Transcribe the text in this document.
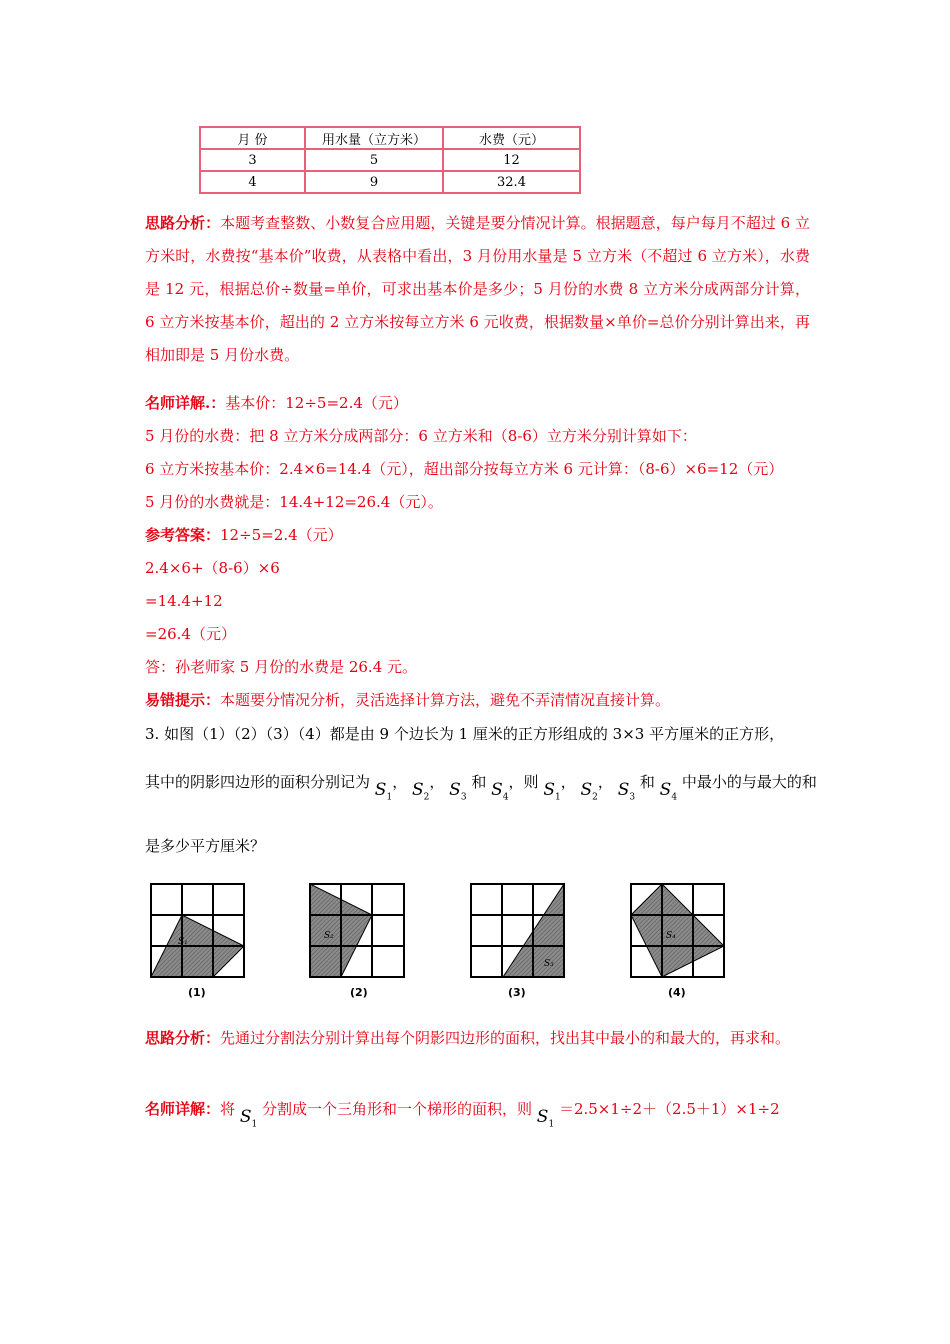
月 份	用水量（立方米）	水费（元）
3	5	12
4	9	32.4
思路分析：本题考查整数、小数复合应用题，关键是要分情况计算。根据题意，每户每月不超过 6 立方米时，水费按“基本价”收费，从表格中看出，3 月份用水量是 5 立方米（不超过 6 立方米），水费是 12 元，根据总价÷数量=单价，可求出基本价是多少；5 月份的水费 8 立方米分成两部分计算，6 立方米按基本价，超出的 2 立方米按每立方米 6 元收费，根据数量×单价=总价分别计算出来，再相加即是 5 月份水费。
名师详解.：基本价：12÷5=2.4（元）
5 月份的水费：把 8 立方米分成两部分：6 立方米和（8-6）立方米分别计算如下：
6 立方米按基本价：2.4×6=14.4（元），超出部分按每立方米 6 元计算：（8-6）×6=12（元）
5 月份的水费就是：14.4+12=26.4（元）。
参考答案：12÷5=2.4（元）
2.4×6+（8-6）×6
=14.4+12
=26.4（元）
答：孙老师家 5 月份的水费是 26.4 元。
易错提示：本题要分情况分析，灵活选择计算方法，避免不弄清情况直接计算。
3. 如图（1）（2）（3）（4）都是由 9 个边长为 1 厘米的正方形组成的 3×3 平方厘米的正方形，
其中的阴影四边形的面积分别记为 $S_1$， $S_2$， $S_3$ 和 $S_4$，则 $S_1$， $S_2$， $S_3$ 和 $S_4$ 中最小的与最大的和
是多少平方厘米？
S₁
(1)
S₂
(2)
S₃
(3)
S₄
(4)
思路分析：先通过分割法分别计算出每个阴影四边形的面积，找出其中最小的和最大的，再求和。
名师详解：将 $S_1$ 分割成一个三角形和一个梯形的面积，则 $S_1 =2.5\times 1\div 2+(2.5+1)\times 1\div 2$
